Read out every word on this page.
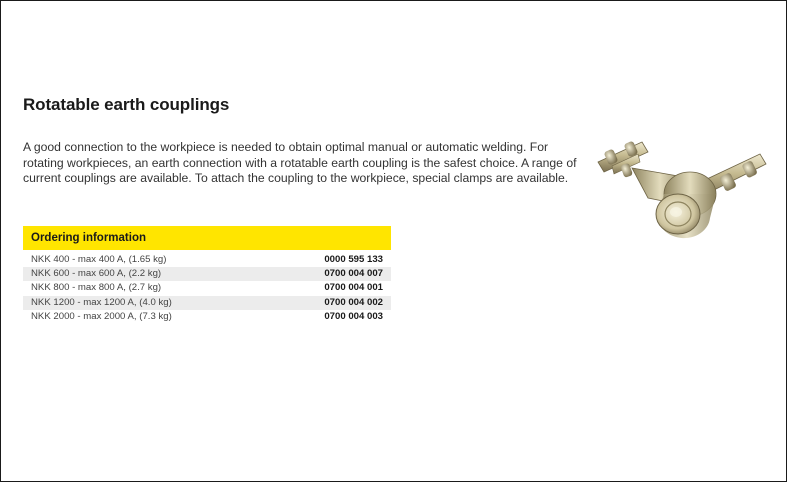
Rotatable earth couplings

A good connection to the workpiece is needed to obtain optimal manual or automatic welding. For rotating workpieces, an earth connection with a rotatable earth coupling is the safest choice. A range of current couplings are available. To attach the coupling to the workpiece, special clamps are available.

Ordering information
NKK 400 - max 400 A, (1.65 kg)	0000 595 133
NKK 600 - max 600 A, (2.2 kg)	0700 004 007
NKK 800 - max 800 A, (2.7 kg)	0700 004 001
NKK 1200 - max 1200 A, (4.0 kg)	0700 004 002
NKK 2000 - max 2000 A, (7.3 kg)	0700 004 003
